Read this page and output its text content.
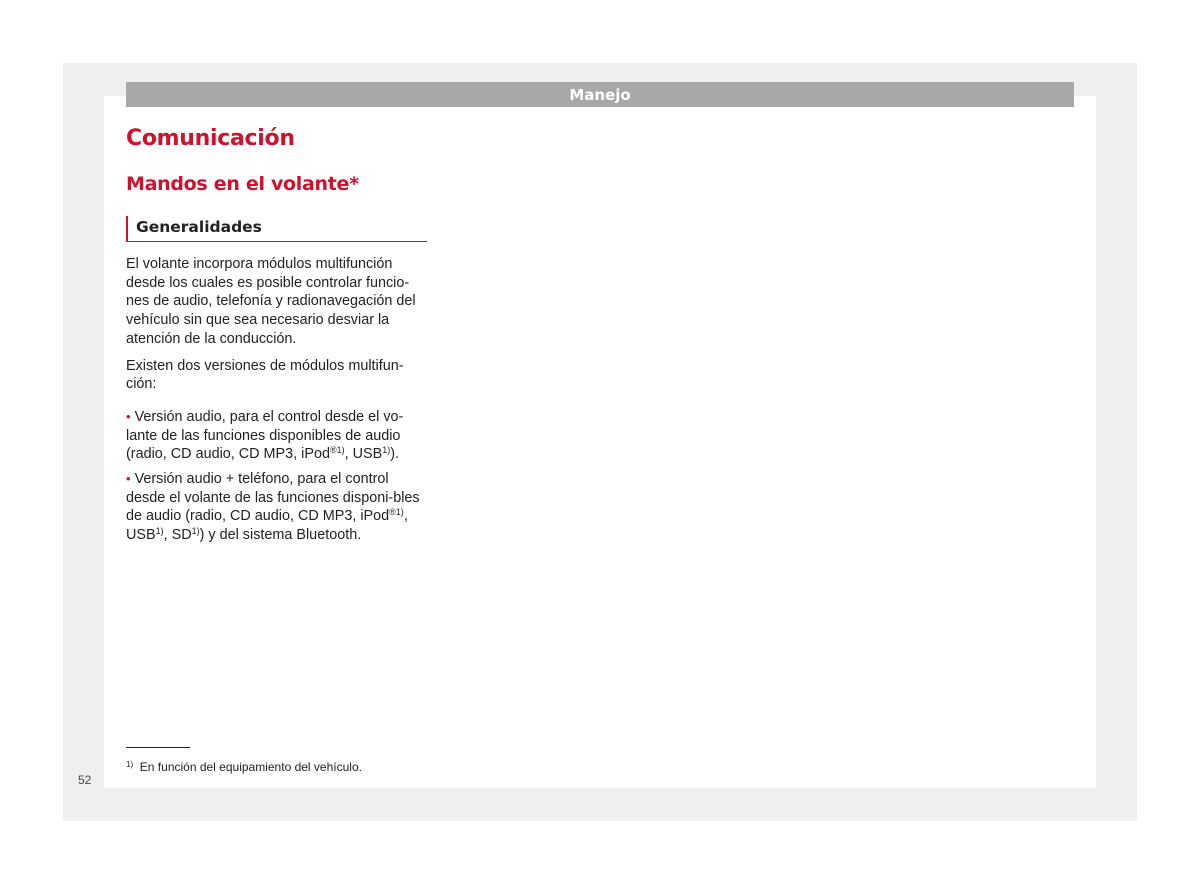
Manejo
Comunicación
Mandos en el volante*
Generalidades

El volante incorpora módulos multifunción desde los cuales es posible controlar funcio-nes de audio, telefonía y radionavegación del vehículo sin que sea necesario desviar la atención de la conducción.

Existen dos versiones de módulos multifun-ción:

• Versión audio, para el control desde el vo-lante de las funciones disponibles de audio (radio, CD audio, CD MP3, iPod$^{®1)}$, USB$^{1)}$).
• Versión audio + teléfono, para el control desde el volante de las funciones disponi-bles de audio (radio, CD audio, CD MP3, iPod$^{®1)}$, USB$^{1)}$, SD$^{1)}$) y del sistema Bluetooth.
$^{1)}$ En función del equipamiento del vehículo.
52
